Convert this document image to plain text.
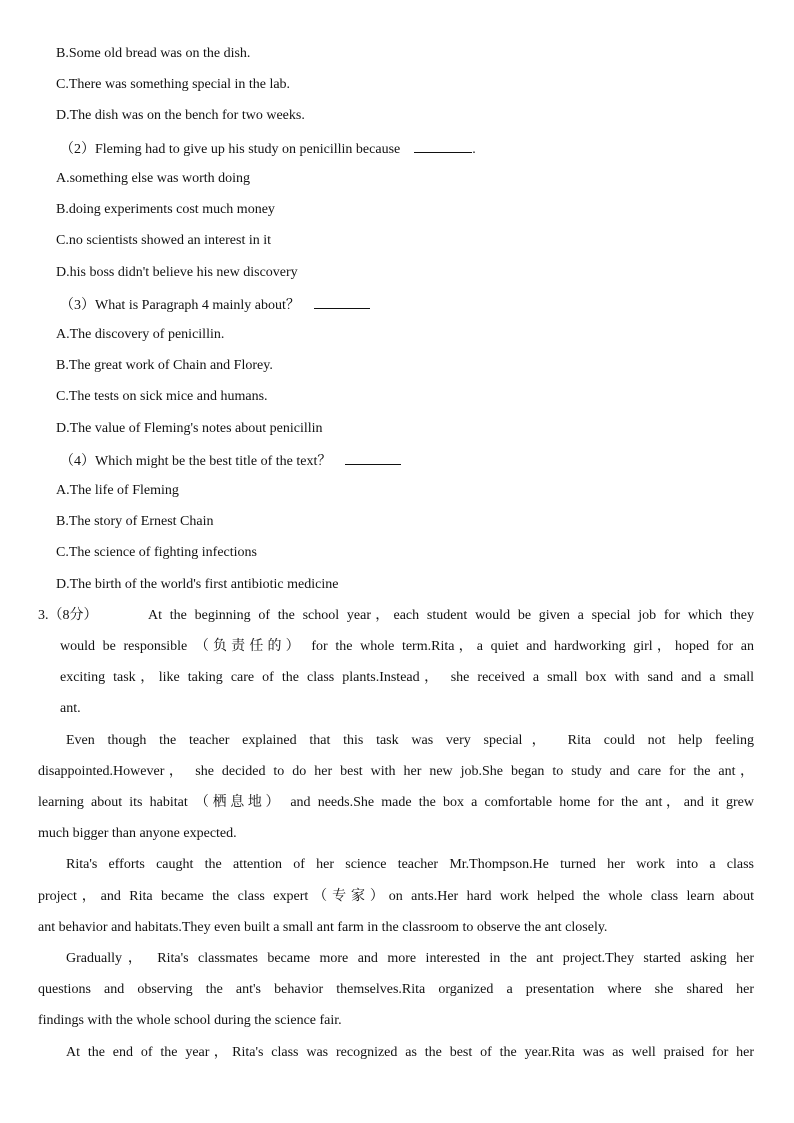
B.Some old bread was on the dish.
C.There was something special in the lab.
D.The dish was on the bench for two weeks.
（2）Fleming had to give up his study on penicillin because	.
A.something else was worth doing
B.doing experiments cost much money
C.no scientists showed an interest in it
D.his boss didn't believe his new discovery
（3）What is Paragraph 4 mainly about？
A.The discovery of penicillin.
B.The great work of Chain and Florey.
C.The tests on sick mice and humans.
D.The value of Fleming's notes about penicillin
（4）Which might be the best title of the text？
A.The life of Fleming
B.The story of Ernest Chain
C.The science of fighting infections
D.The birth of the world's first antibiotic medicine
3.（8分）	At the beginning of the school year，each student would be given a special job for which they
would be responsible （负责任的） for the whole term.Rita，a quiet and hardworking girl，hoped for an
exciting task，like taking care of the class plants.Instead， she received a small box with sand and a small
ant.
Even though the teacher explained that this task was very special， Rita could not help feeling
disappointed.However， she decided to do her best with her new job.She began to study and care for the ant，
learning about its habitat （栖息地） and needs.She made the box a comfortable home for the ant，and it grew
much bigger than anyone expected.
Rita's efforts caught the attention of her science teacher Mr.Thompson.He turned her work into a class
project，and Rita became the class expert（专家）on ants.Her hard work helped the whole class learn about
ant behavior and habitats.They even built a small ant farm in the classroom to observe the ant closely.
Gradually， Rita's classmates became more and more interested in the ant project.They started asking her
questions and observing the ant's behavior themselves.Rita organized a presentation where she shared her
findings with the whole school during the science fair.
At the end of the year，Rita's class was recognized as the best of the year.Rita was as well praised for her
